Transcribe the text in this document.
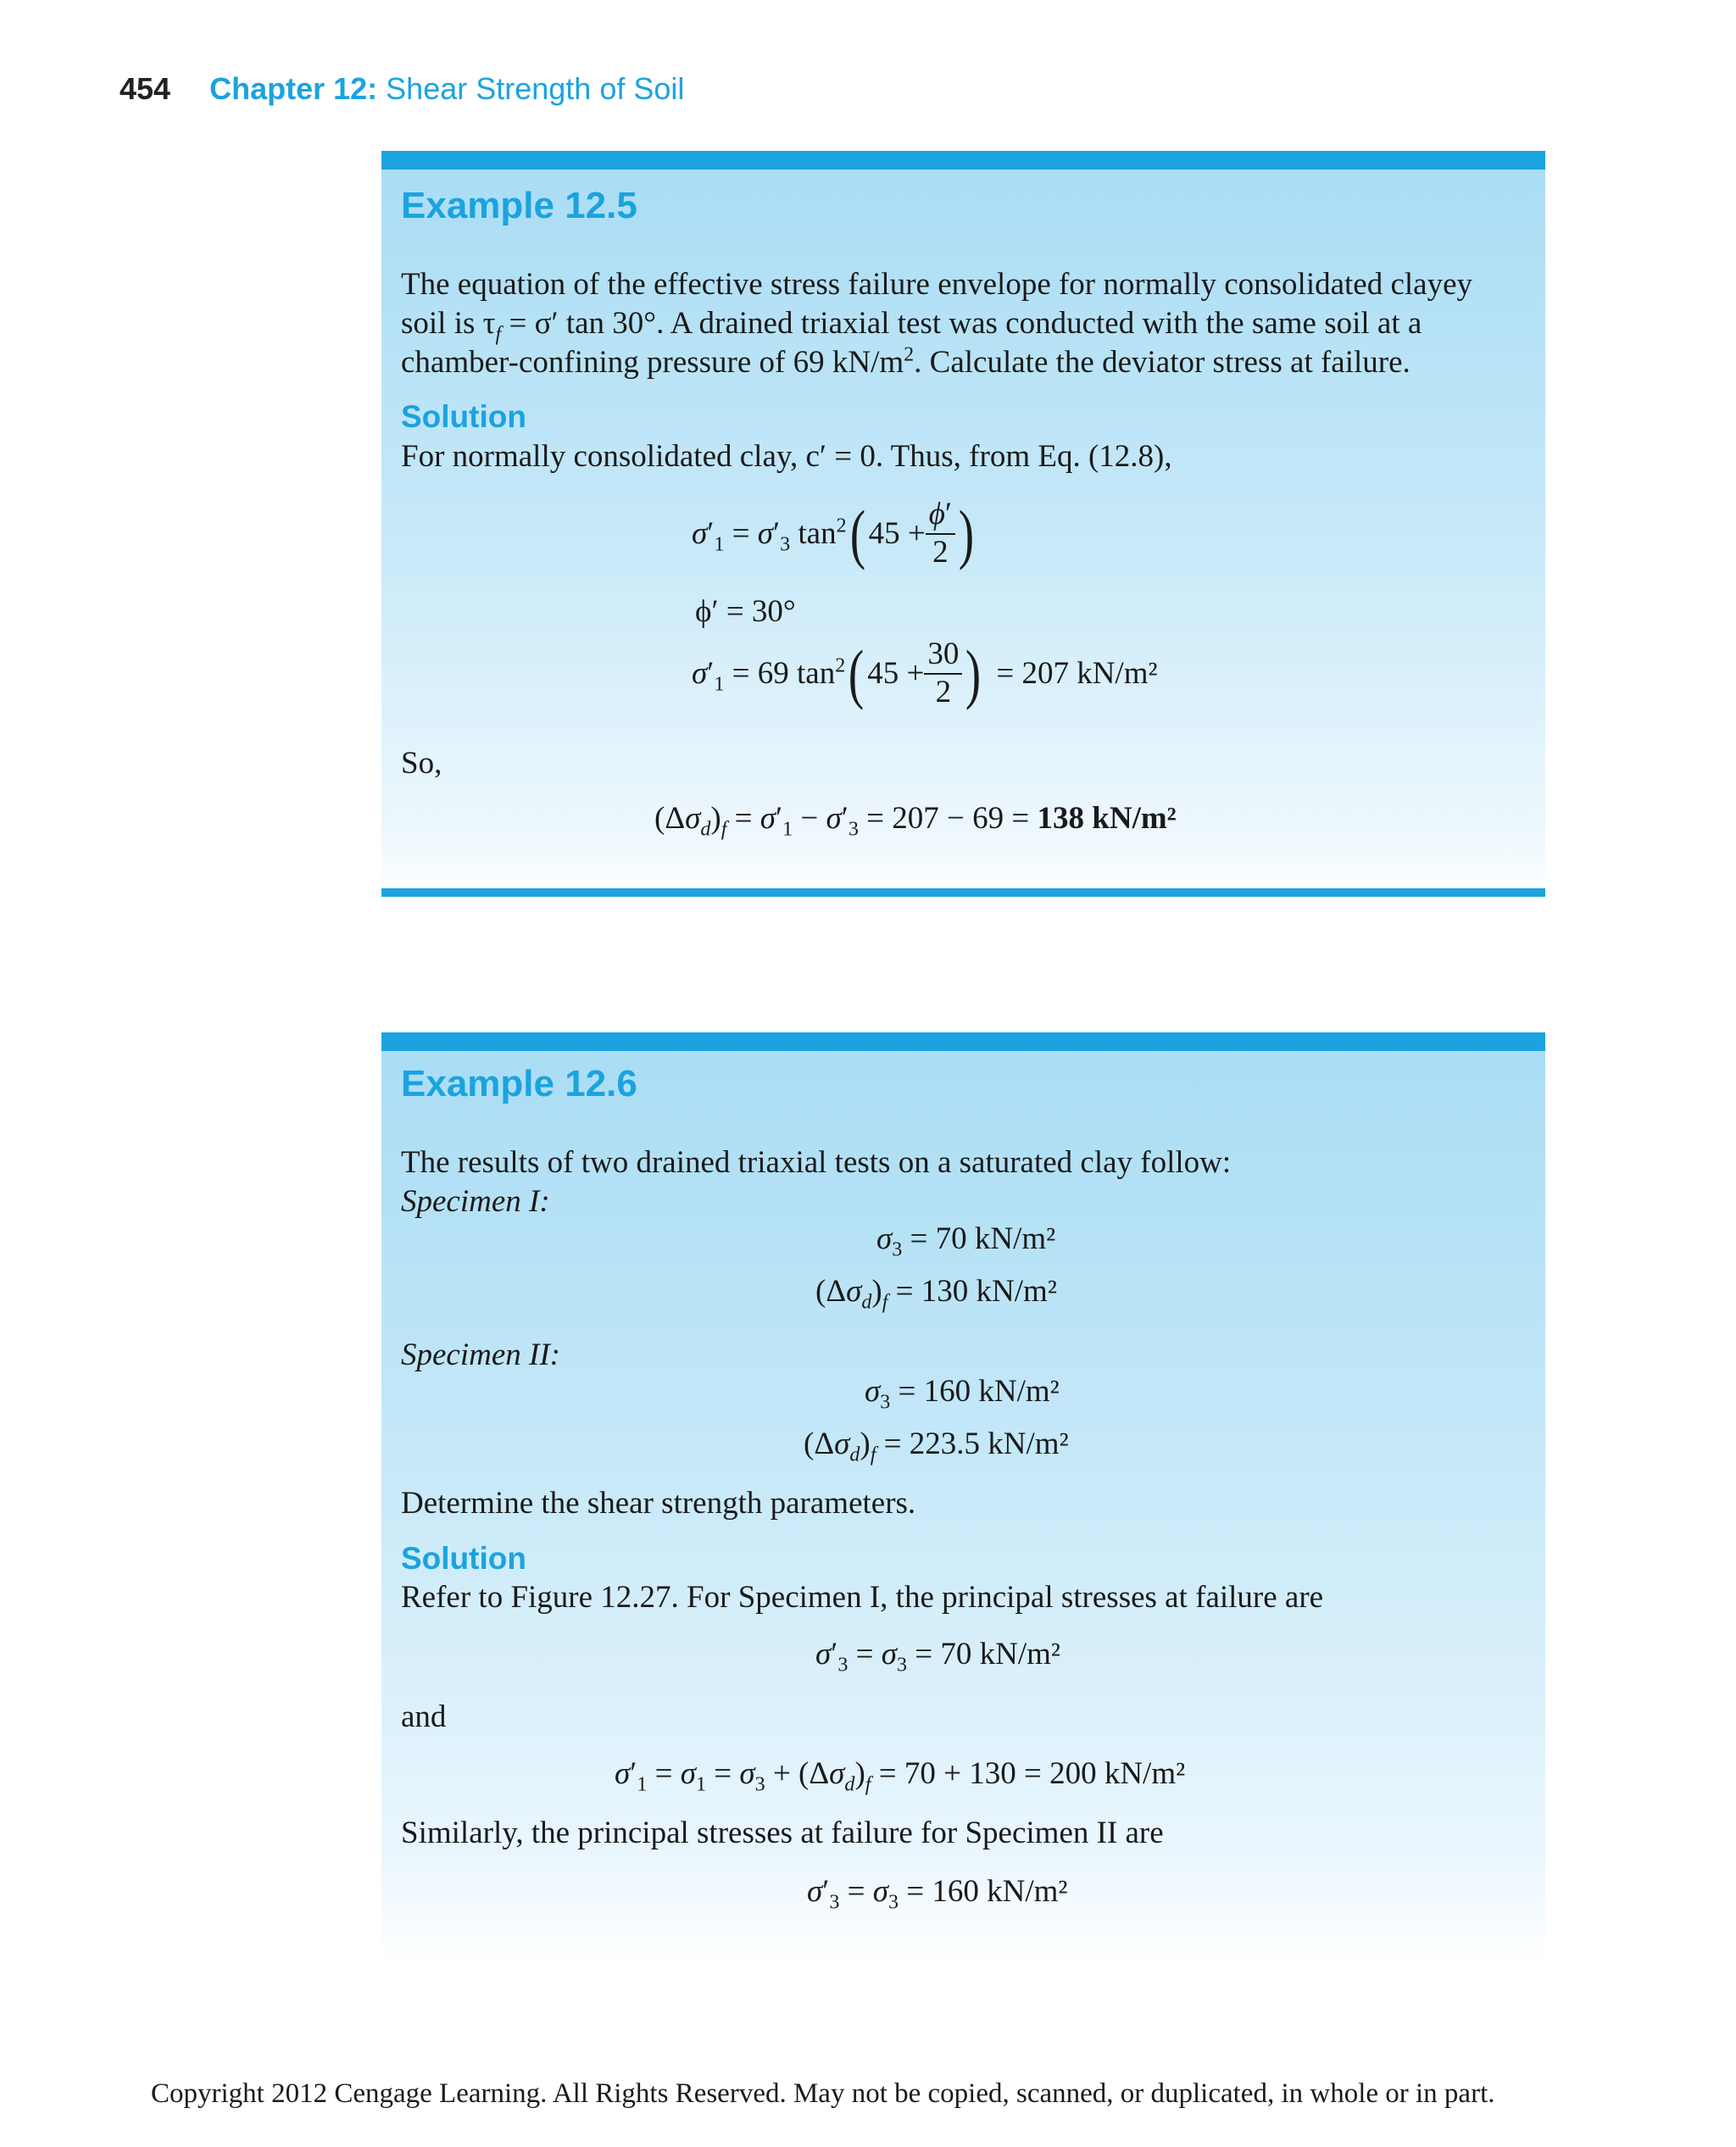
454 Chapter 12: Shear Strength of Soil
Example 12.5
The equation of the effective stress failure envelope for normally consolidated clayey
soil is $\tau_f = \sigma'$ tan 30°. A drained triaxial test was conducted with the same soil at a
chamber-confining pressure of 69 $kN/m^2$. Calculate the deviator stress at failure.
Solution
For normally consolidated clay, c′ = 0. Thus, from Eq. (12.8),
$\sigma'_1 = \sigma'_3$ $\tan^2$( $45 + \frac{\phi'}{2}$ )
ϕ′ = 30°
$\sigma'_1 = 69$ $\tan^2$( $45 + \frac{30}{2}$ ) = 207 kN/m²
So,
$(\Delta\sigma_d)_f = \sigma'_1 - \sigma'_3 = 207 - 69 = 138$ kN/m²
Example 12.6
The results of two drained triaxial tests on a saturated clay follow:
Specimen I:
$\sigma_3 = 70$ kN/m²
$(\Delta\sigma_d)_f = 130$ kN/m²
Specimen II:
$\sigma_3 = 160$ kN/m²
$(\Delta\sigma_d)_f = 223.5$ kN/m²
Determine the shear strength parameters.
Solution
Refer to Figure 12.27. For Specimen I, the principal stresses at failure are
$\sigma'_3 = \sigma_3 = 70$ kN/m²
and
$\sigma'_1 = \sigma_1 = \sigma_3 + (\Delta\sigma_d)_f = 70 + 130 = 200$ kN/m²
Similarly, the principal stresses at failure for Specimen II are
$\sigma'_3 = \sigma_3 = 160$ kN/m²
Copyright 2012 Cengage Learning. All Rights Reserved. May not be copied, scanned, or duplicated, in whole or in part.
